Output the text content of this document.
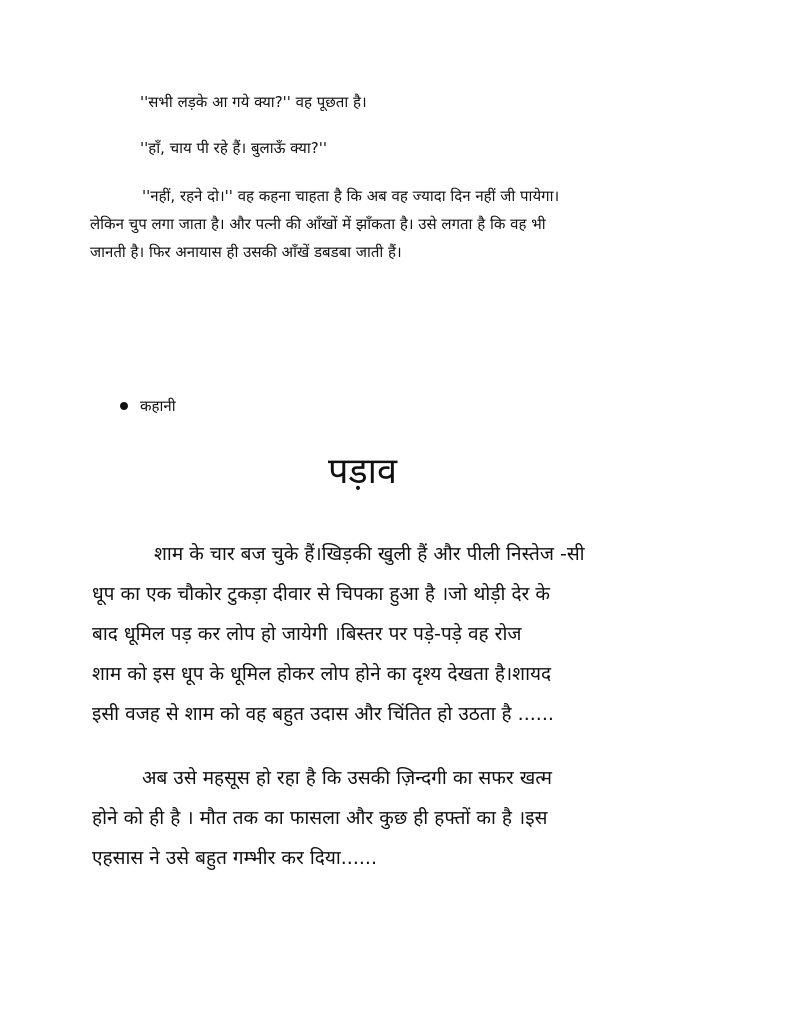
''सभी लड़के आ गये क्या?'' वह पूछता है।

''हाँ, चाय पी रहे हैं। बुलाऊँ क्या?''

''नहीं, रहने दो।'' वह कहना चाहता है कि अब वह ज्यादा दिन नहीं जी पायेगा।

लेकिन चुप लगा जाता है। और पत्नी की आँखों में झाँकता है। उसे लगता है कि वह भी

जानती है। फिर अनायास ही उसकी आँखें डबडबा जाती हैं।

कहानी
पड़ाव
शाम के चार बज चुके हैं।खिड़की खुली हैं और पीली निस्तेज -सी
धूप का एक चौकोर टुकड़ा दीवार से चिपका हुआ है ।जो थोड़ी देर के
बाद धूमिल पड़ कर लोप हो जायेगी ।बिस्तर पर पड़े-पड़े वह रोज
शाम को इस धूप के धूमिल होकर लोप होने का दृश्य देखता है।शायद
इसी वजह से शाम को वह बहुत उदास और चिंतित हो उठता है ......
अब उसे महसूस हो रहा है कि उसकी ज़िन्दगी का सफर खत्म
होने को ही है । मौत तक का फासला और कुछ ही हफ्तों का है ।इस
एहसास ने उसे बहुत गम्भीर कर दिया......
